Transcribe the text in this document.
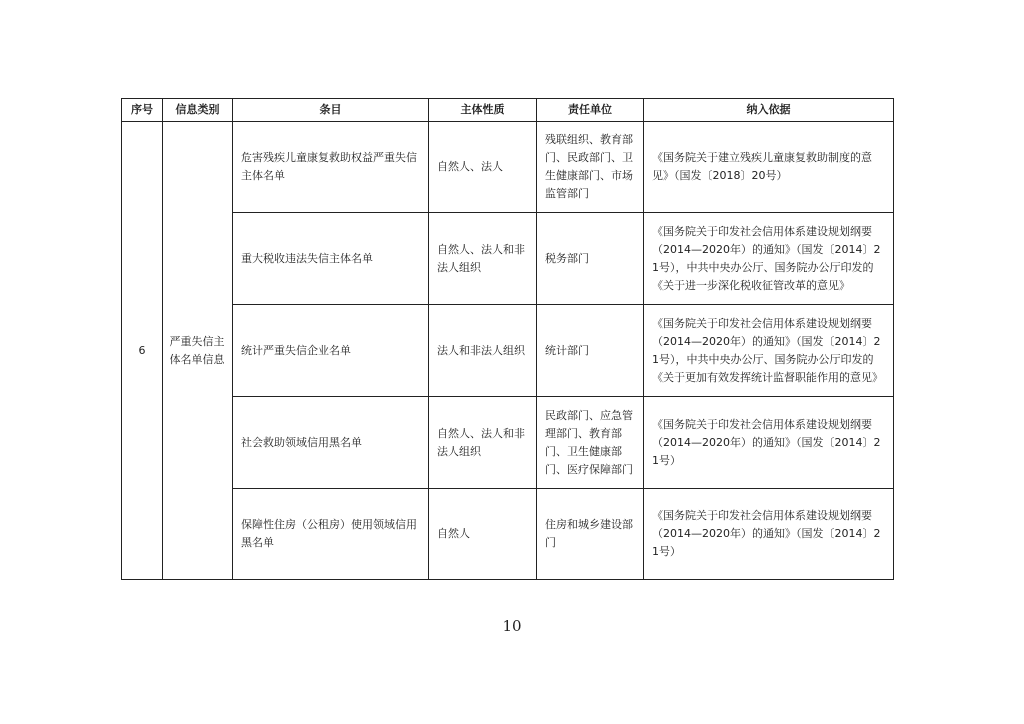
序号	信息类别	条目	主体性质	责任单位	纳入依据
6	严重失信主体名单信息	危害残疾儿童康复救助权益严重失信主体名单	自然人、法人	残联组织、教育部门、民政部门、卫生健康部门、市场监管部门	《国务院关于建立残疾儿童康复救助制度的意见》（国发〔2018〕20号）

		重大税收违法失信主体名单	自然人、法人和非法人组织	税务部门	《国务院关于印发社会信用体系建设规划纲要（2014—2020年）的通知》（国发〔2014〕21号），中共中央办公厅、国务院办公厅印发的《关于进一步深化税收征管改革的意见》

		统计严重失信企业名单	法人和非法人组织	统计部门	《国务院关于印发社会信用体系建设规划纲要（2014—2020年）的通知》（国发〔2014〕21号），中共中央办公厅、国务院办公厅印发的《关于更加有效发挥统计监督职能作用的意见》

		社会救助领域信用黑名单	自然人、法人和非法人组织	民政部门、应急管理部门、教育部门、卫生健康部门、医疗保障部门	《国务院关于印发社会信用体系建设规划纲要（2014—2020年）的通知》（国发〔2014〕21号）

		保障性住房（公租房）使用领域信用黑名单	自然人	住房和城乡建设部门	《国务院关于印发社会信用体系建设规划纲要（2014—2020年）的通知》（国发〔2014〕21号）
10
